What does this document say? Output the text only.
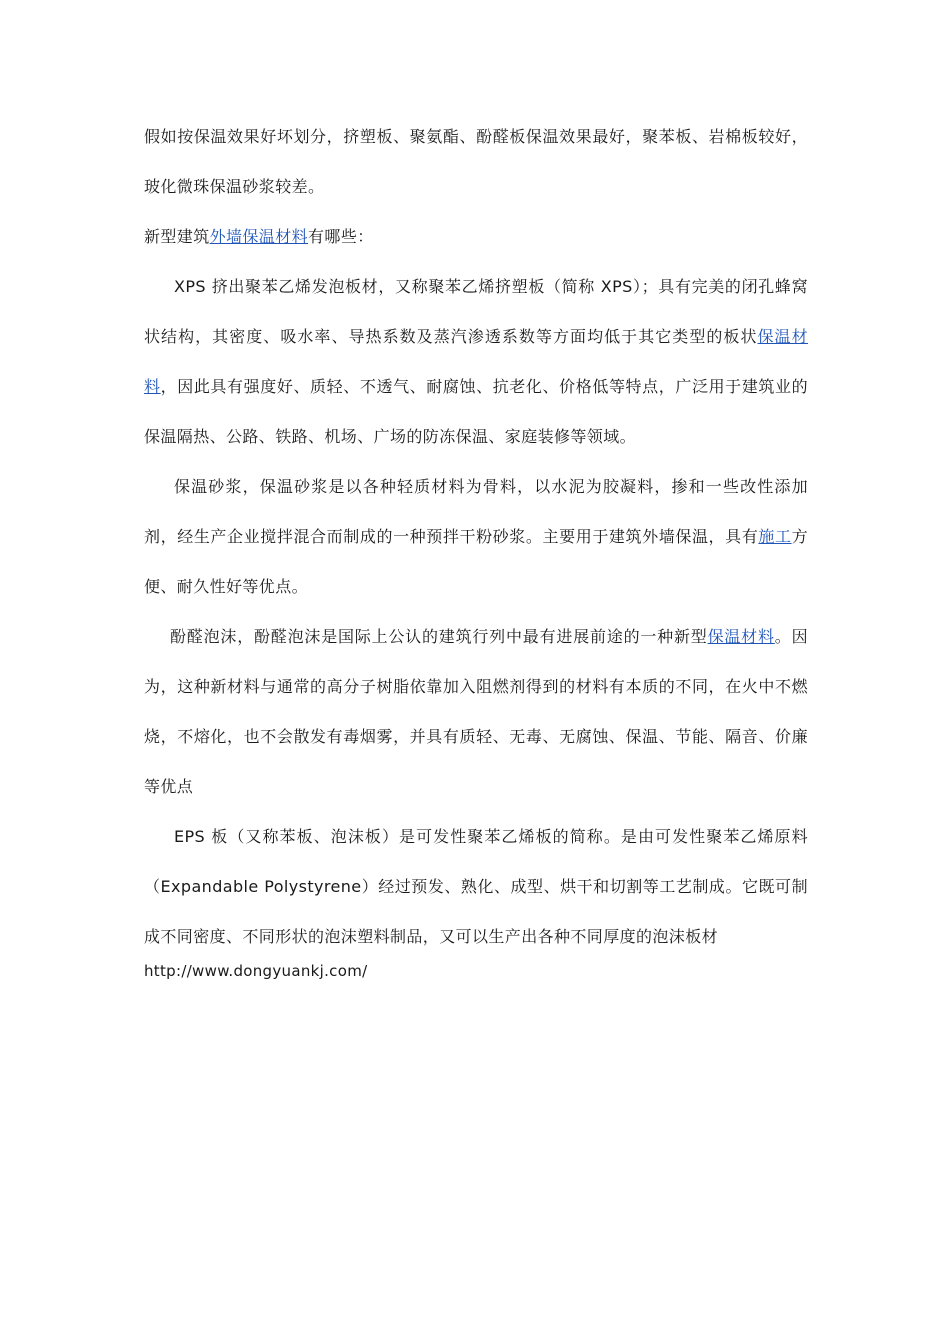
假如按保温效果好坏划分，挤塑板、聚氨酯、酚醛板保温效果最好，聚苯板、岩棉板较好，玻化微珠保温砂浆较差。

新型建筑外墙保温材料有哪些：

XPS 挤出聚苯乙烯发泡板材，又称聚苯乙烯挤塑板（简称 XPS）；具有完美的闭孔蜂窝状结构，其密度、吸水率、导热系数及蒸汽渗透系数等方面均低于其它类型的板状保温材料，因此具有强度好、质轻、不透气、耐腐蚀、抗老化、价格低等特点，广泛用于建筑业的保温隔热、公路、铁路、机场、广场的防冻保温、家庭装修等领域。

保温砂浆，保温砂浆是以各种轻质材料为骨料，以水泥为胶凝料，掺和一些改性添加剂，经生产企业搅拌混合而制成的一种预拌干粉砂浆。主要用于建筑外墙保温，具有施工方便、耐久性好等优点。

酚醛泡沫，酚醛泡沫是国际上公认的建筑行列中最有进展前途的一种新型保温材料。因为，这种新材料与通常的高分子树脂依靠加入阻燃剂得到的材料有本质的不同，在火中不燃烧，不熔化，也不会散发有毒烟雾，并具有质轻、无毒、无腐蚀、保温、节能、隔音、价廉等优点

EPS 板（又称苯板、泡沫板）是可发性聚苯乙烯板的简称。是由可发性聚苯乙烯原料（Expandable Polystyrene）经过预发、熟化、成型、烘干和切割等工艺制成。它既可制成不同密度、不同形状的泡沫塑料制品，又可以生产出各种不同厚度的泡沫板材

http://www.dongyuankj.com/
